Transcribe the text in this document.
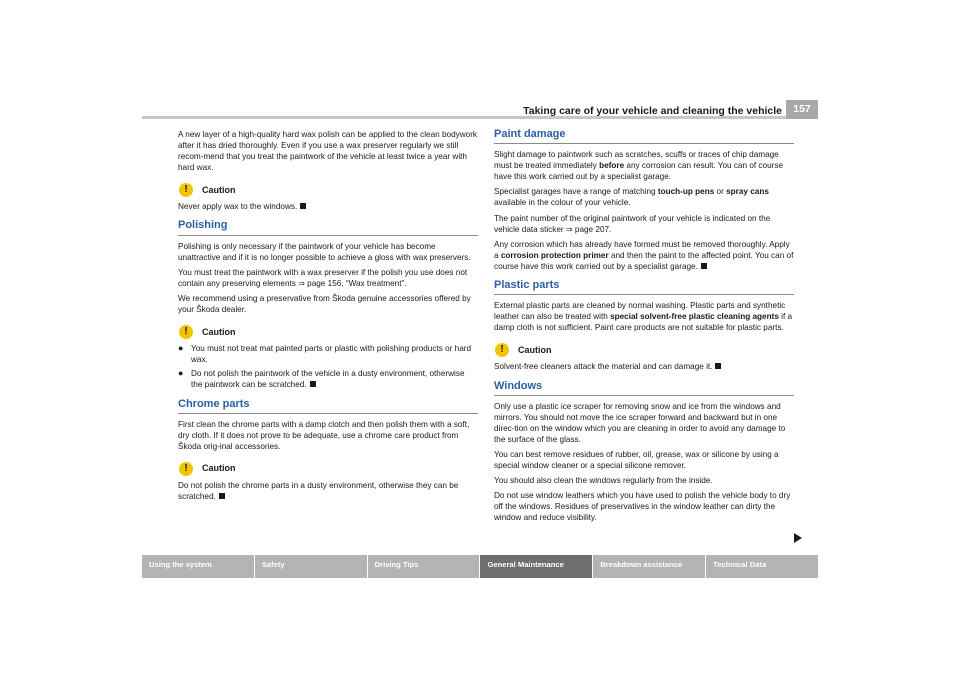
Taking care of your vehicle and cleaning the vehicle	157
A new layer of a high-quality hard wax polish can be applied to the clean bodywork after it has dried thoroughly. Even if you use a wax preserver regularly we still recom-mend that you treat the paintwork of the vehicle at least twice a year with hard wax.
!	Caution
Never apply wax to the windows.
Polishing
Polishing is only necessary if the paintwork of your vehicle has become unattractive and if it is no longer possible to achieve a gloss with wax preservers.
You must treat the paintwork with a wax preserver if the polish you use does not contain any preserving elements ⇒ page 156, “Wax treatment”.
We recommend using a preservative from Škoda genuine accessories offered by your Škoda dealer.
!	Caution
● You must not treat mat painted parts or plastic with polishing products or hard wax.
● Do not polish the paintwork of the vehicle in a dusty environment, otherwise the paintwork can be scratched.
Chrome parts
First clean the chrome parts with a damp clotch and then polish them with a soft, dry cloth. If it does not prove to be adequate, use a chrome care product from Škoda orig-inal accessories.
!	Caution
Do not polish the chrome parts in a dusty environment, otherwise they can be scratched.
Paint damage
Slight damage to paintwork such as scratches, scuffs or traces of chip damage must be treated immediately before any corrosion can result. You can of course have this work carried out by a specialist garage.
Specialist garages have a range of matching touch-up pens or spray cans available in the colour of your vehicle.
The paint number of the original paintwork of your vehicle is indicated on the vehicle data sticker ⇒ page 207.
Any corrosion which has already have formed must be removed thoroughly. Apply a corrosion protection primer and then the paint to the affected point. You can of course have this work carried out by a specialist garage.
Plastic parts
External plastic parts are cleaned by normal washing. Plastic parts and synthetic leather can also be treated with special solvent-free plastic cleaning agents if a damp cloth is not sufficient. Paint care products are not suitable for plastic parts.
!	Caution
Solvent-free cleaners attack the material and can damage it.
Windows
Only use a plastic ice scraper for removing snow and ice from the windows and mirrors. You should not move the ice scraper forward and backward but in one direc-tion on the window which you are cleaning in order to avoid any damage to the surface of the glass.
You can best remove residues of rubber, oil, grease, wax or silicone by using a special window cleaner or a special silicone remover.
You should also clean the windows regularly from the inside.
Do not use window leathers which you have used to polish the vehicle body to dry off the windows. Residues of preservatives in the window leather can dirty the window and reduce visibility.
Using the system	Safety	Driving Tips	General Maintenance	Breakdown assistance	Technical Data
